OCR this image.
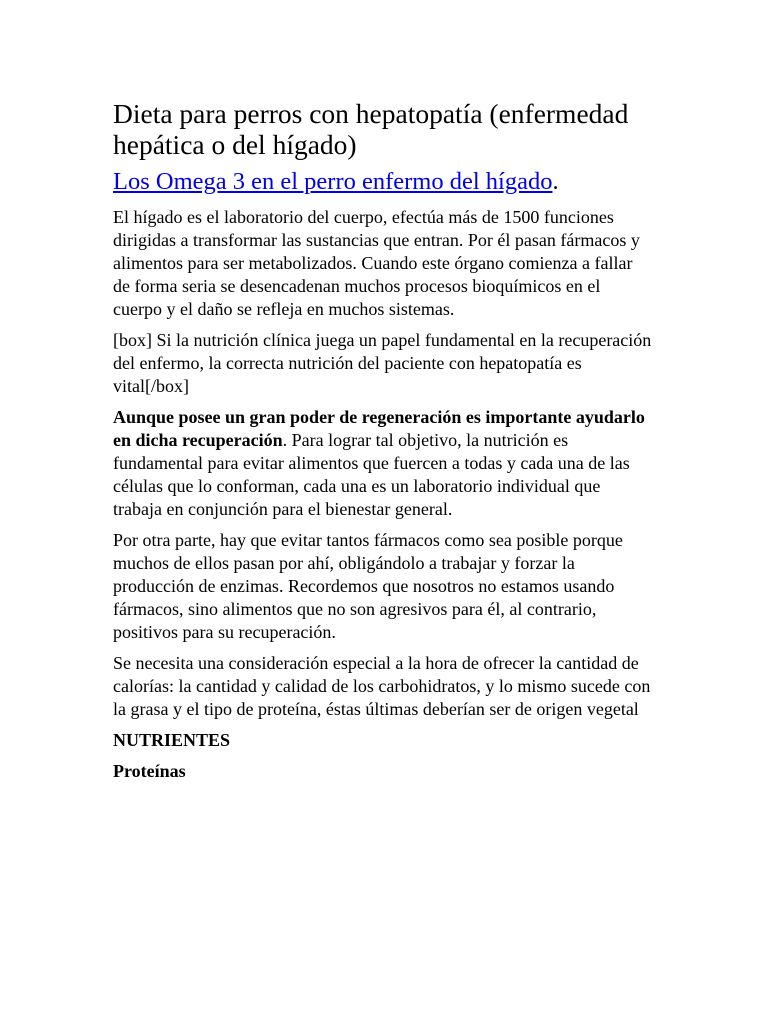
Dieta para perros con hepatopatía (enfermedad hepática o del hígado)
Los Omega 3 en el perro enfermo del hígado.

El hígado es el laboratorio del cuerpo, efectúa más de 1500 funciones dirigidas a transformar las sustancias que entran. Por él pasan fármacos y alimentos para ser metabolizados. Cuando este órgano comienza a fallar de forma seria se desencadenan muchos procesos bioquímicos en el cuerpo y el daño se refleja en muchos sistemas.

[box] Si la nutrición clínica juega un papel fundamental en la recuperación del enfermo, la correcta nutrición del paciente con hepatopatía es vital[/box]

Aunque posee un gran poder de regeneración es importante ayudarlo en dicha recuperación. Para lograr tal objetivo, la nutrición es fundamental para evitar alimentos que fuercen a todas y cada una de las células que lo conforman, cada una es un laboratorio individual que trabaja en conjunción para el bienestar general.

Por otra parte, hay que evitar tantos fármacos como sea posible porque muchos de ellos pasan por ahí, obligándolo a trabajar y forzar la producción de enzimas. Recordemos que nosotros no estamos usando fármacos, sino alimentos que no son agresivos para él, al contrario, positivos para su recuperación.

Se necesita una consideración especial a la hora de ofrecer la cantidad de calorías: la cantidad y calidad de los carbohidratos, y lo mismo sucede con la grasa y el tipo de proteína, éstas últimas deberían ser de origen vegetal

NUTRIENTES
Proteínas
